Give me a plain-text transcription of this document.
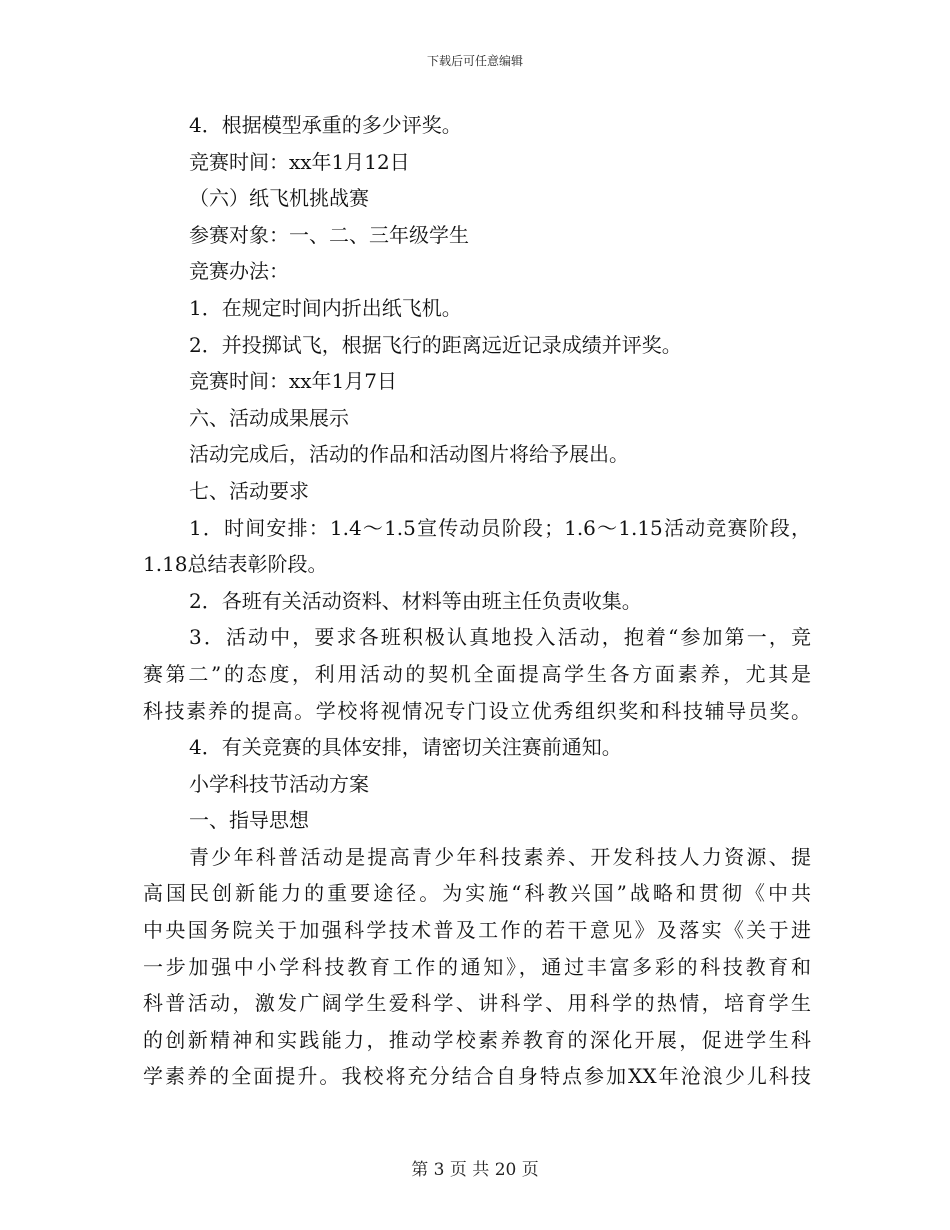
下载后可任意编辑
4．根据模型承重的多少评奖。
竞赛时间：xx年1月12日
（六）纸飞机挑战赛
参赛对象：一、二、三年级学生
竞赛办法：
1．在规定时间内折出纸飞机。
2．并投掷试飞，根据飞行的距离远近记录成绩并评奖。
竞赛时间：xx年1月7日
六、活动成果展示
活动完成后，活动的作品和活动图片将给予展出。
七、活动要求
1．时间安排：1.4～1.5宣传动员阶段；1.6～1.15活动竞赛阶段，
1.18总结表彰阶段。
2．各班有关活动资料、材料等由班主任负责收集。
3．活动中，要求各班积极认真地投入活动，抱着“参加第一，竞
赛第二”的态度，利用活动的契机全面提高学生各方面素养，尤其是
科技素养的提高。学校将视情况专门设立优秀组织奖和科技辅导员奖。
4．有关竞赛的具体安排，请密切关注赛前通知。
小学科技节活动方案
一、指导思想
青少年科普活动是提高青少年科技素养、开发科技人力资源、提
高国民创新能力的重要途径。为实施“科教兴国”战略和贯彻《中共
中央国务院关于加强科学技术普及工作的若干意见》及落实《关于进
一步加强中小学科技教育工作的通知》，通过丰富多彩的科技教育和
科普活动，激发广阔学生爱科学、讲科学、用科学的热情，培育学生
的创新精神和实践能力，推动学校素养教育的深化开展，促进学生科
学素养的全面提升。我校将充分结合自身特点参加XX年沧浪少儿科技
第 3 页 共 20 页
